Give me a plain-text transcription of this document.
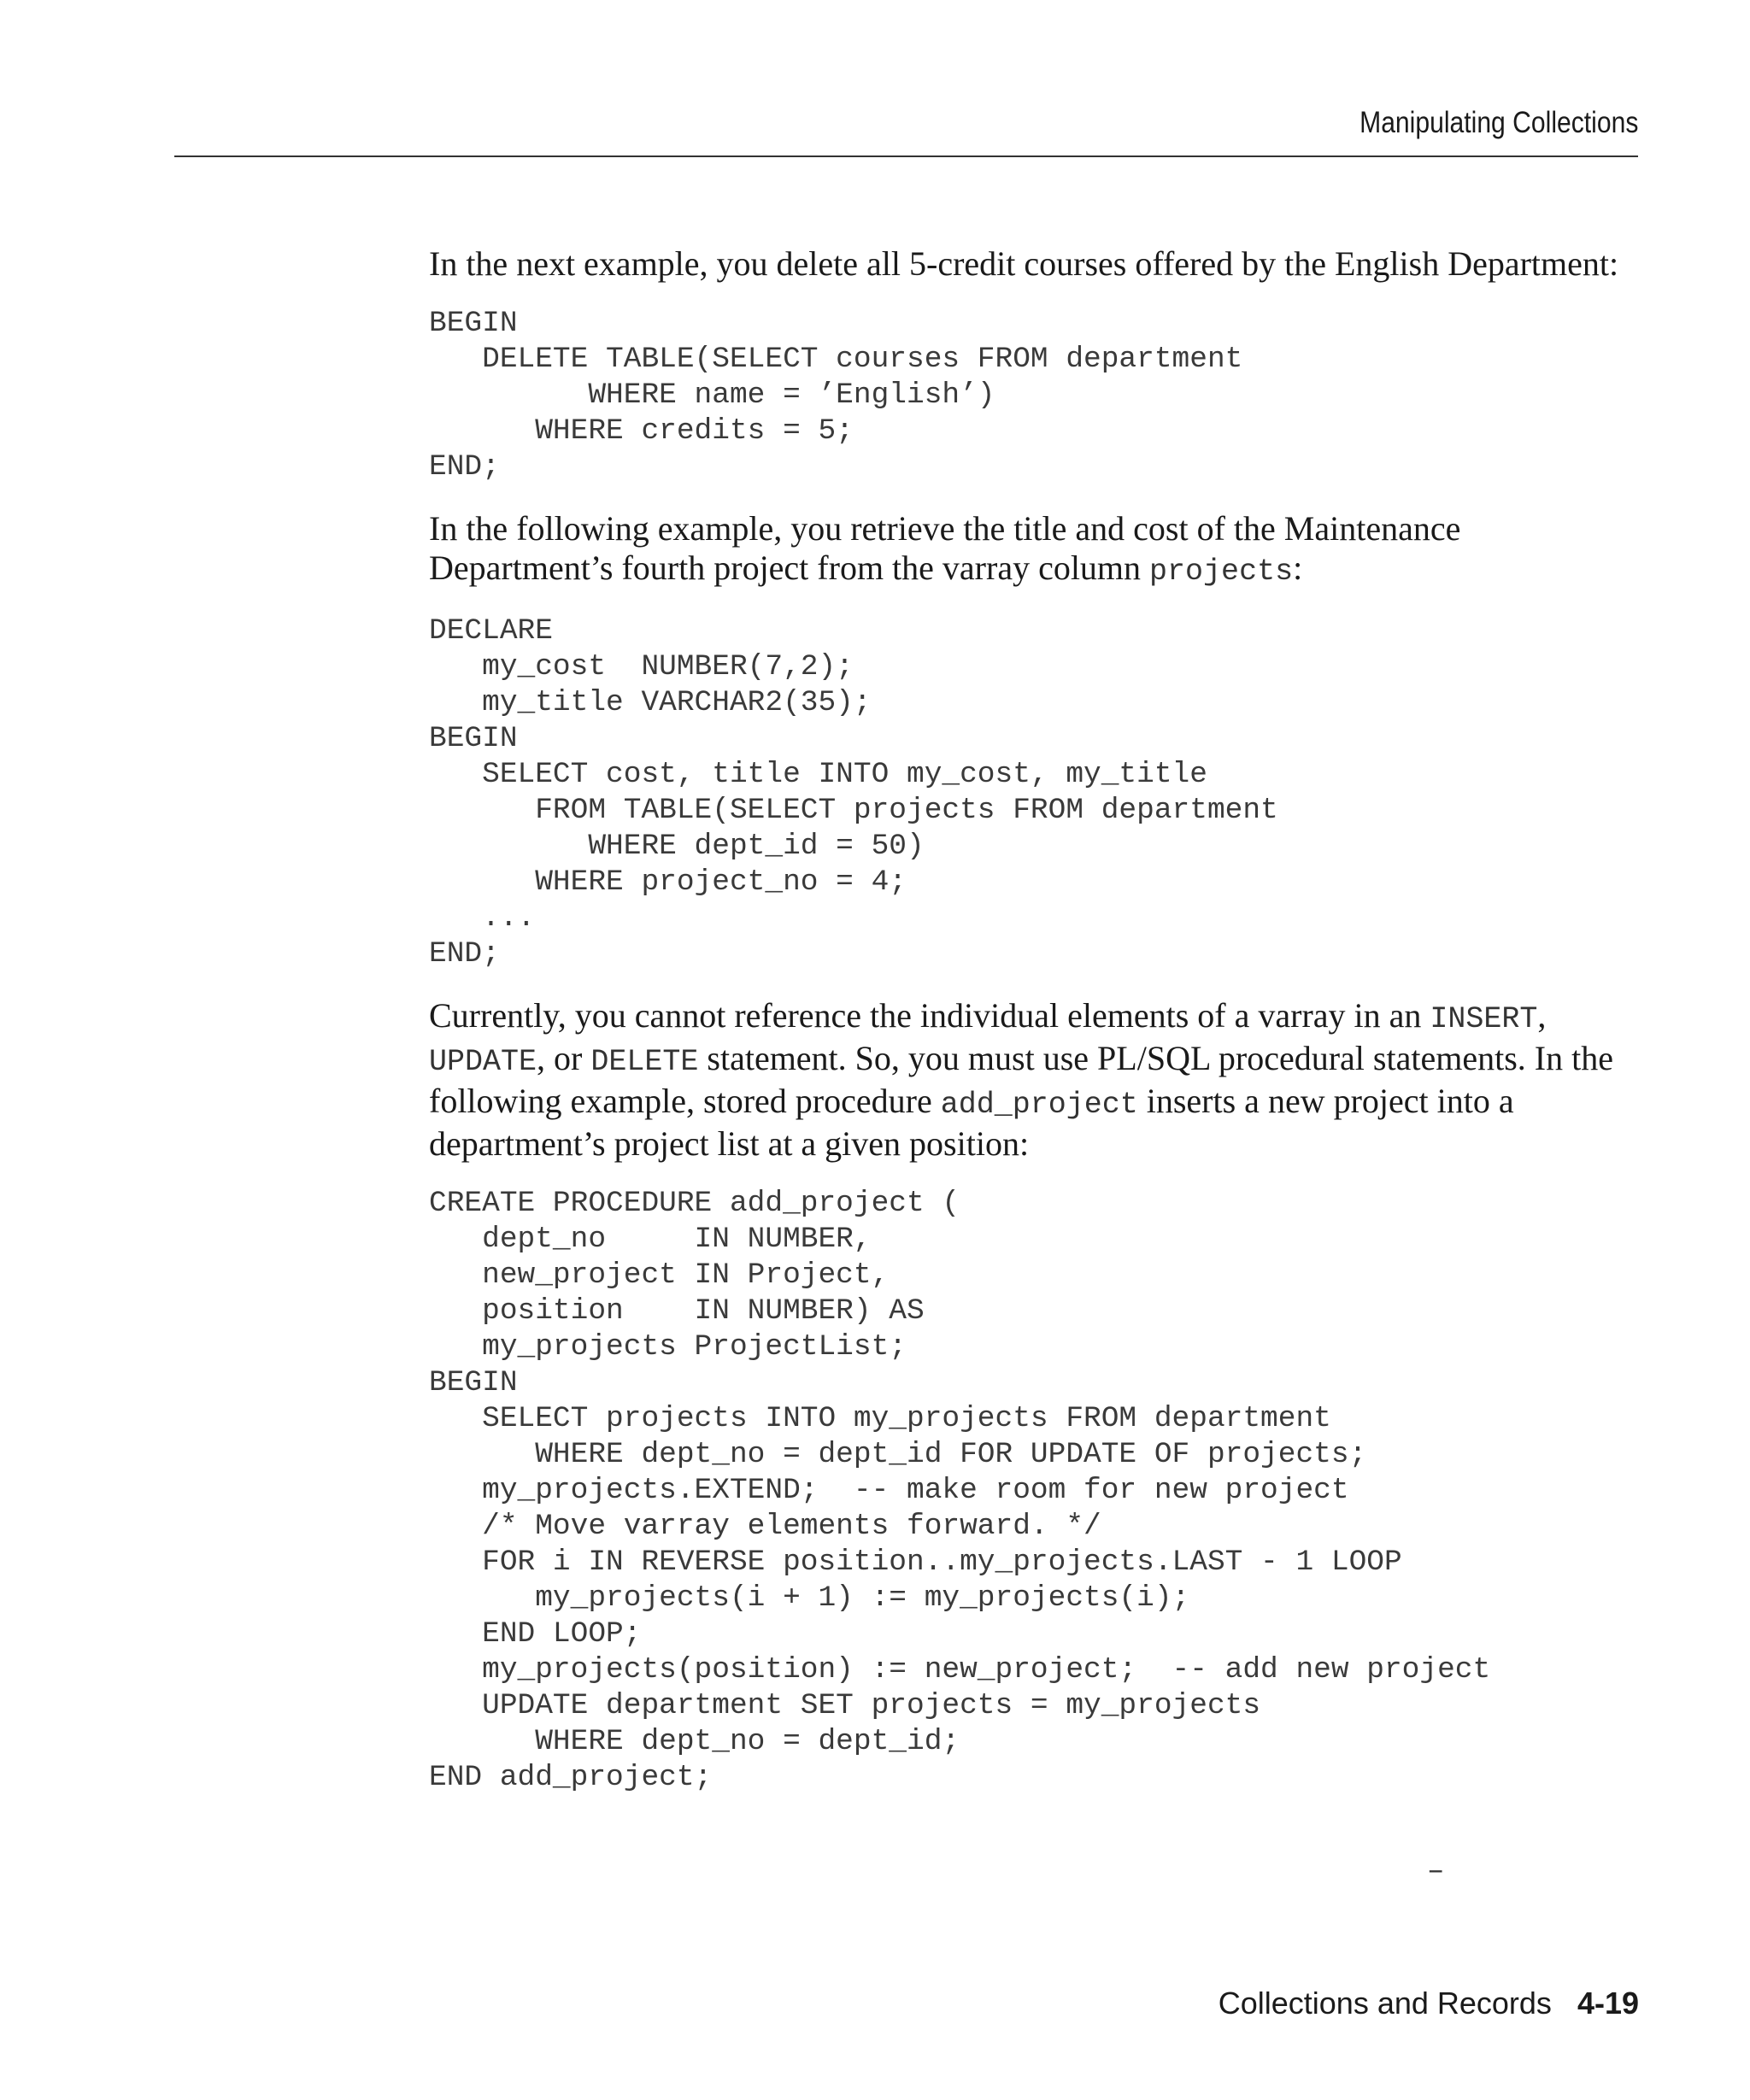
Manipulating Collections

In the next example, you delete all 5-credit courses offered by the English Department:

BEGIN
DELETE TABLE(SELECT courses FROM department
WHERE name = ’English’)
WHERE credits = 5;
END;

In the following example, you retrieve the title and cost of the Maintenance Department’s fourth project from the varray column projects:

DECLARE
my_cost  NUMBER(7,2);
my_title VARCHAR2(35);
BEGIN
SELECT cost, title INTO my_cost, my_title
FROM TABLE(SELECT projects FROM department
WHERE dept_id = 50)
WHERE project_no = 4;
...
END;

Currently, you cannot reference the individual elements of a varray in an INSERT, UPDATE, or DELETE statement. So, you must use PL/SQL procedural statements. In the following example, stored procedure add_project inserts a new project into a department’s project list at a given position:

CREATE PROCEDURE add_project (
dept_no     IN NUMBER,
new_project IN Project,
position    IN NUMBER) AS
my_projects ProjectList;
BEGIN
SELECT projects INTO my_projects FROM department
WHERE dept_no = dept_id FOR UPDATE OF projects;
my_projects.EXTEND;  -- make room for new project
/* Move varray elements forward. */
FOR i IN REVERSE position..my_projects.LAST - 1 LOOP
my_projects(i + 1) := my_projects(i);
END LOOP;
my_projects(position) := new_project;  -- add new project
UPDATE department SET projects = my_projects
WHERE dept_no = dept_id;
END add_project;
–
Collections and Records 4-19
